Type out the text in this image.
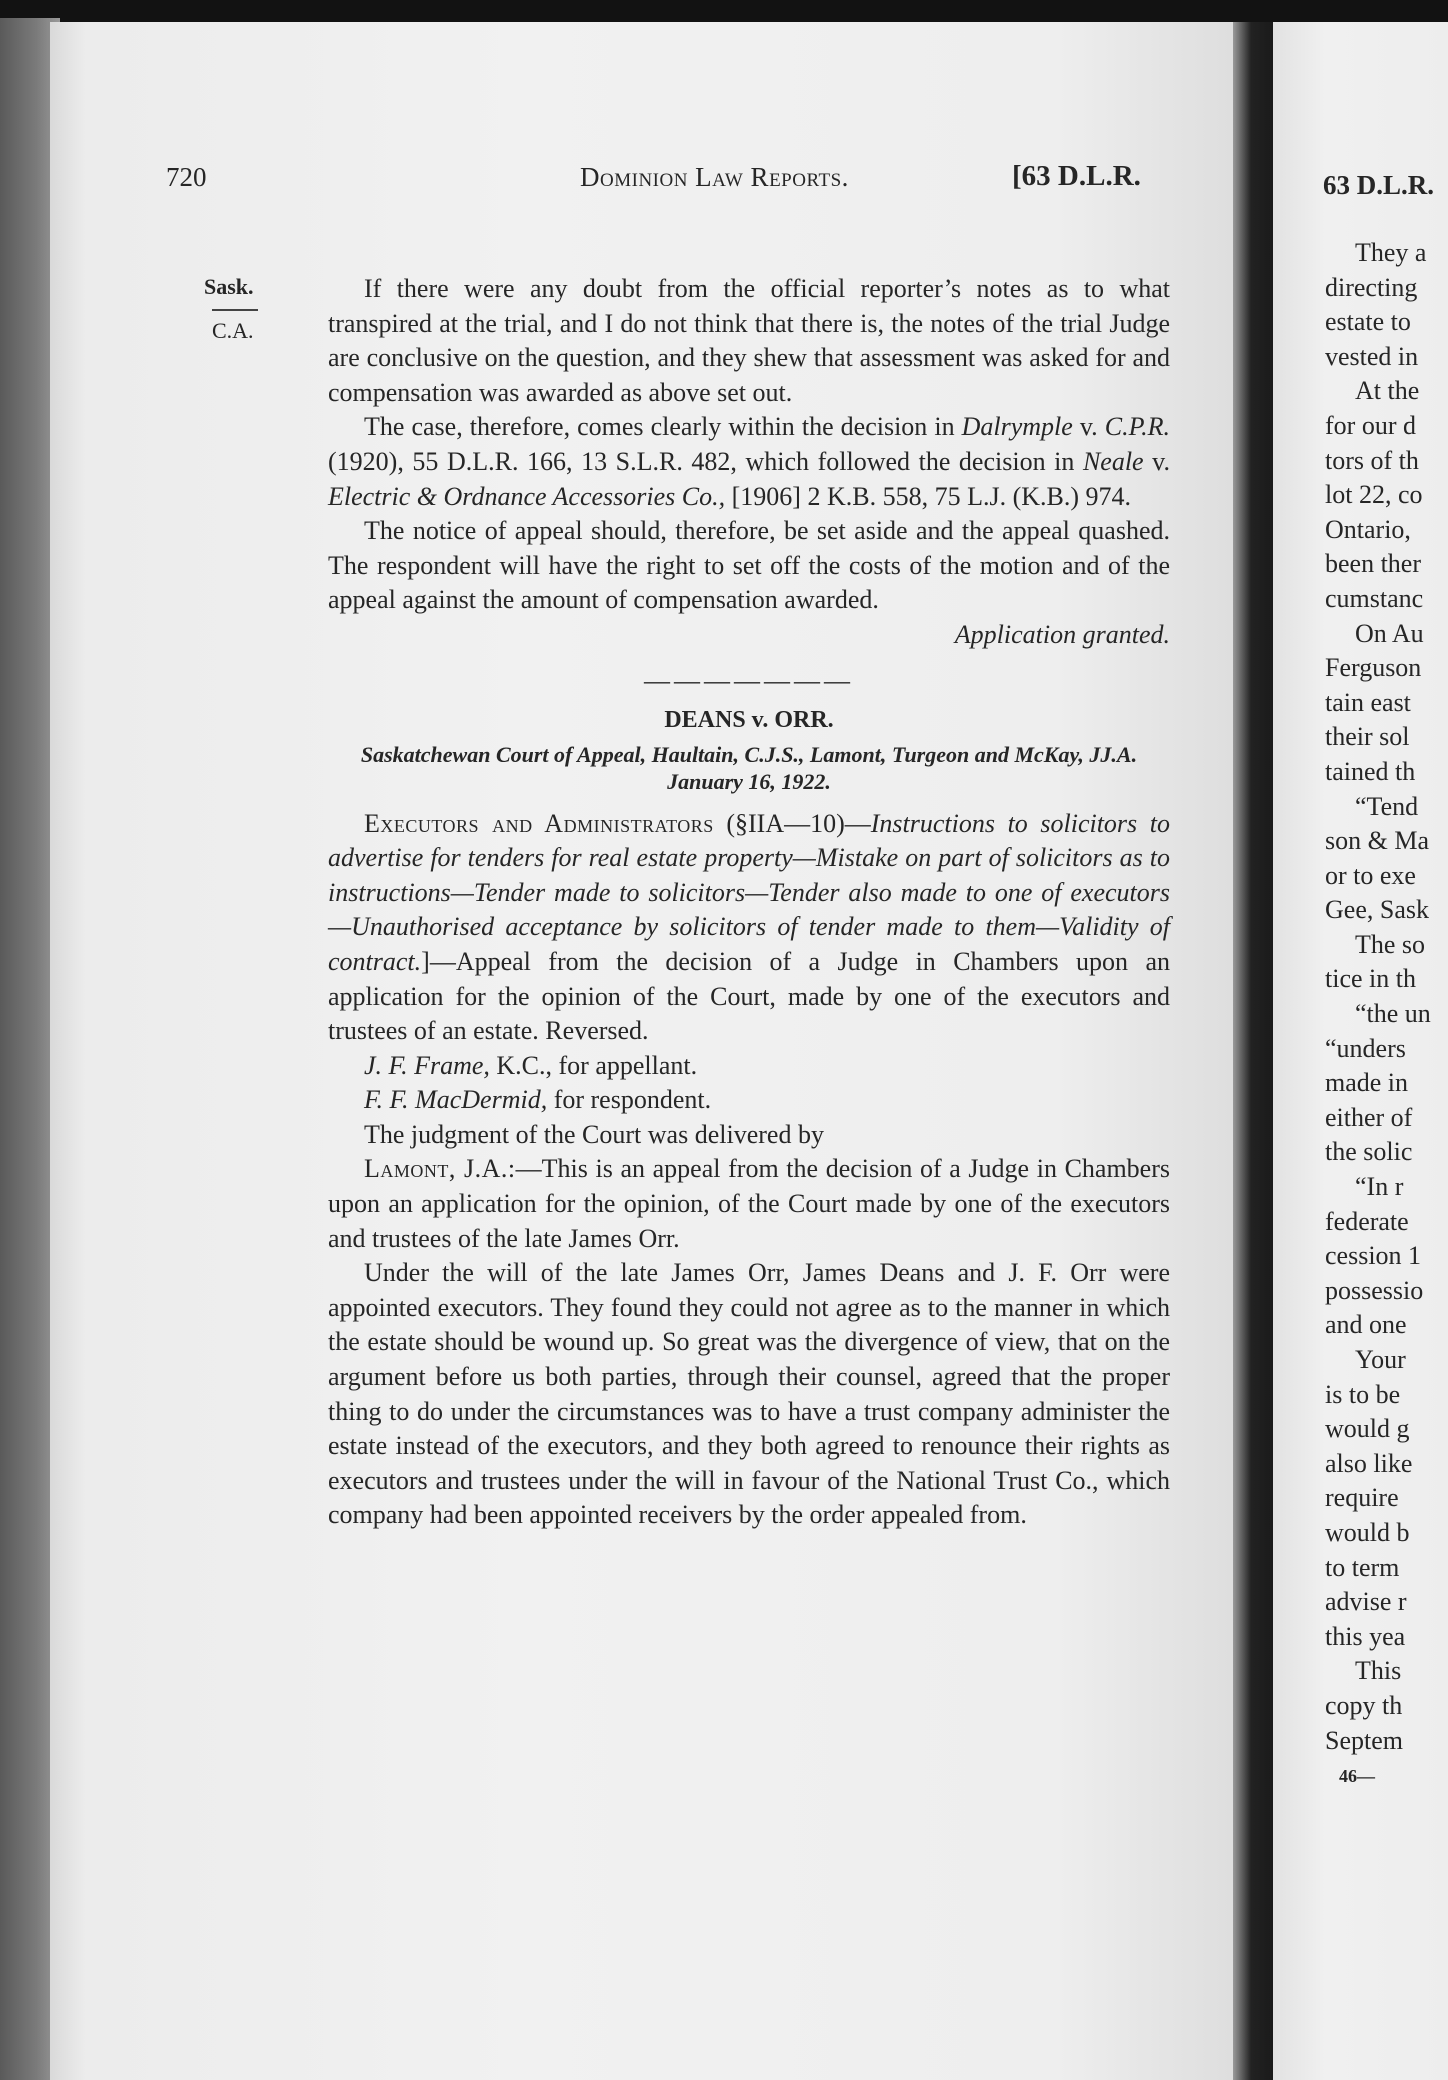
720	Dominion Law Reports.	[63 D.L.R.
Sask.
C.A.

If there were any doubt from the official reporter’s notes as to what transpired at the trial, and I do not think that there is, the notes of the trial Judge are conclusive on the question, and they shew that assessment was asked for and compensation was awarded as above set out.

The case, therefore, comes clearly within the decision in Dalrymple v. C.P.R. (1920), 55 D.L.R. 166, 13 S.L.R. 482, which followed the decision in Neale v. Electric & Ordnance Accessories Co., [1906] 2 K.B. 558, 75 L.J. (K.B.) 974.

The notice of appeal should, therefore, be set aside and the appeal quashed. The respondent will have the right to set off the costs of the motion and of the appeal against the amount of compensation awarded.

Application granted.

———————

DEANS v. ORR.

Saskatchewan Court of Appeal, Haultain, C.J.S., Lamont, Turgeon and McKay, JJ.A. January 16, 1922.

Executors and Administrators (§IIA—10)—Instructions to solicitors to advertise for tenders for real estate property—Mistake on part of solicitors as to instructions—Tender made to solicitors—Tender also made to one of executors—Unauthorised acceptance by solicitors of tender made to them—Validity of contract.]—Appeal from the decision of a Judge in Chambers upon an application for the opinion of the Court, made by one of the executors and trustees of an estate. Reversed.

J. F. Frame, K.C., for appellant.

F. F. MacDermid, for respondent.

The judgment of the Court was delivered by

Lamont, J.A.:—This is an appeal from the decision of a Judge in Chambers upon an application for the opinion, of the Court made by one of the executors and trustees of the late James Orr.

Under the will of the late James Orr, James Deans and J. F. Orr were appointed executors. They found they could not agree as to the manner in which the estate should be wound up. So great was the divergence of view, that on the argument before us both parties, through their counsel, agreed that the proper thing to do under the circumstances was to have a trust company administer the estate instead of the executors, and they both agreed to renounce their rights as executors and trustees under the will in favour of the National Trust Co., which company had been appointed receivers by the order appealed from.

63 D.L.R.

They a

directing

estate to

vested in

At the

for our d

tors of th

lot 22, co

Ontario,

been ther

cumstanc

On Au

Ferguson

tain east

their sol

tained th

“Tend

son & Ma

or to exe

Gee, Sask

The so

tice in th

“the un

“unders

made in

either of

the solic

“In r

federate

cession 1

possessio

and one

Your

is to be

would g

also like

require

would b

to term

advise r

this yea

This

copy th

Septem

46—
